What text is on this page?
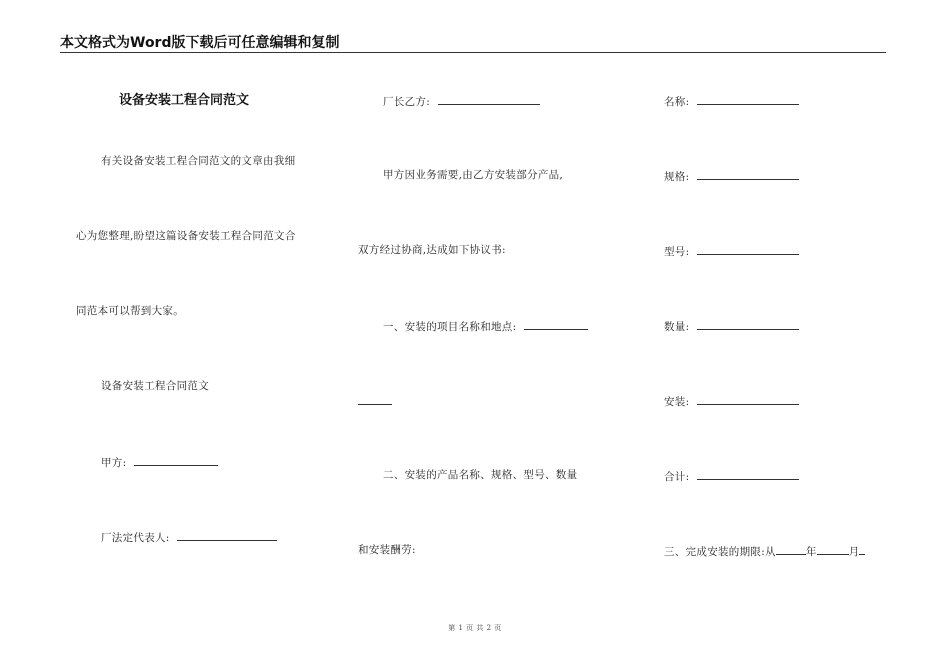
本文格式为Word版下载后可任意编辑和复制
设备安装工程合同范文
有关设备安装工程合同范文的文章由我细
心为您整理,盼望这篇设备安装工程合同范文合
同范本可以帮到大家。
设备安装工程合同范文
甲方:
厂法定代表人:
厂长乙方:
甲方因业务需要,由乙方安装部分产品,
双方经过协商,达成如下协议书:
一、安装的项目名称和地点:
二、安装的产品名称、规格、型号、数量
和安装酬劳:
名称:
规格:
型号:
数量:
安装:
合计:
三、完成安装的期限:从	年	月
第 1 页 共 2 页
